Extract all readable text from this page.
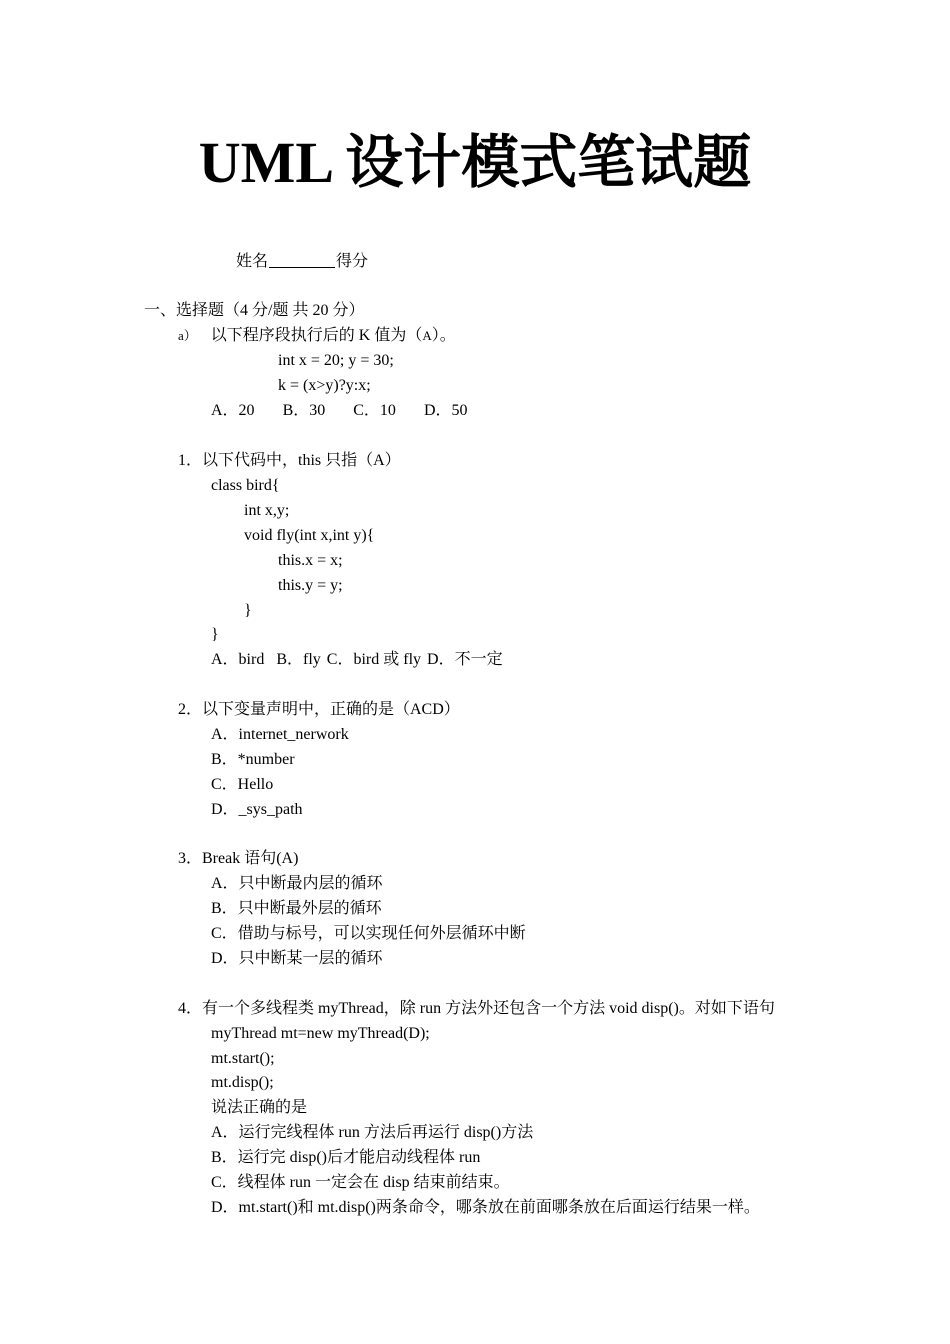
UML 设计模式笔试题
姓名	得分
一、选择题（4 分/题 共 20 分）
a） 以下程序段执行后的 K 值为（A）。
int x = 20; y = 30;
k = (x>y)?y:x;
A．20 B．30 C．10 D．50
1．以下代码中，this 只指（A）
class bird{
int x,y;
void fly(int x,int y){
this.x = x;
this.y = y;
}
}
A．bird B．fly C．bird 或 fly D．不一定
2．以下变量声明中，正确的是（ACD）
A．internet_nerwork
B．*number
C．Hello
D．_sys_path
3．Break 语句(A)
A．只中断最内层的循环
B．只中断最外层的循环
C．借助与标号，可以实现任何外层循环中断
D．只中断某一层的循环
4．有一个多线程类 myThread，除 run 方法外还包含一个方法 void disp()。对如下语句
myThread mt=new myThread(D);
mt.start();
mt.disp();
说法正确的是
A．运行完线程体 run 方法后再运行 disp()方法
B．运行完 disp()后才能启动线程体 run
C．线程体 run 一定会在 disp 结束前结束。
D．mt.start()和 mt.disp()两条命令，哪条放在前面哪条放在后面运行结果一样。
